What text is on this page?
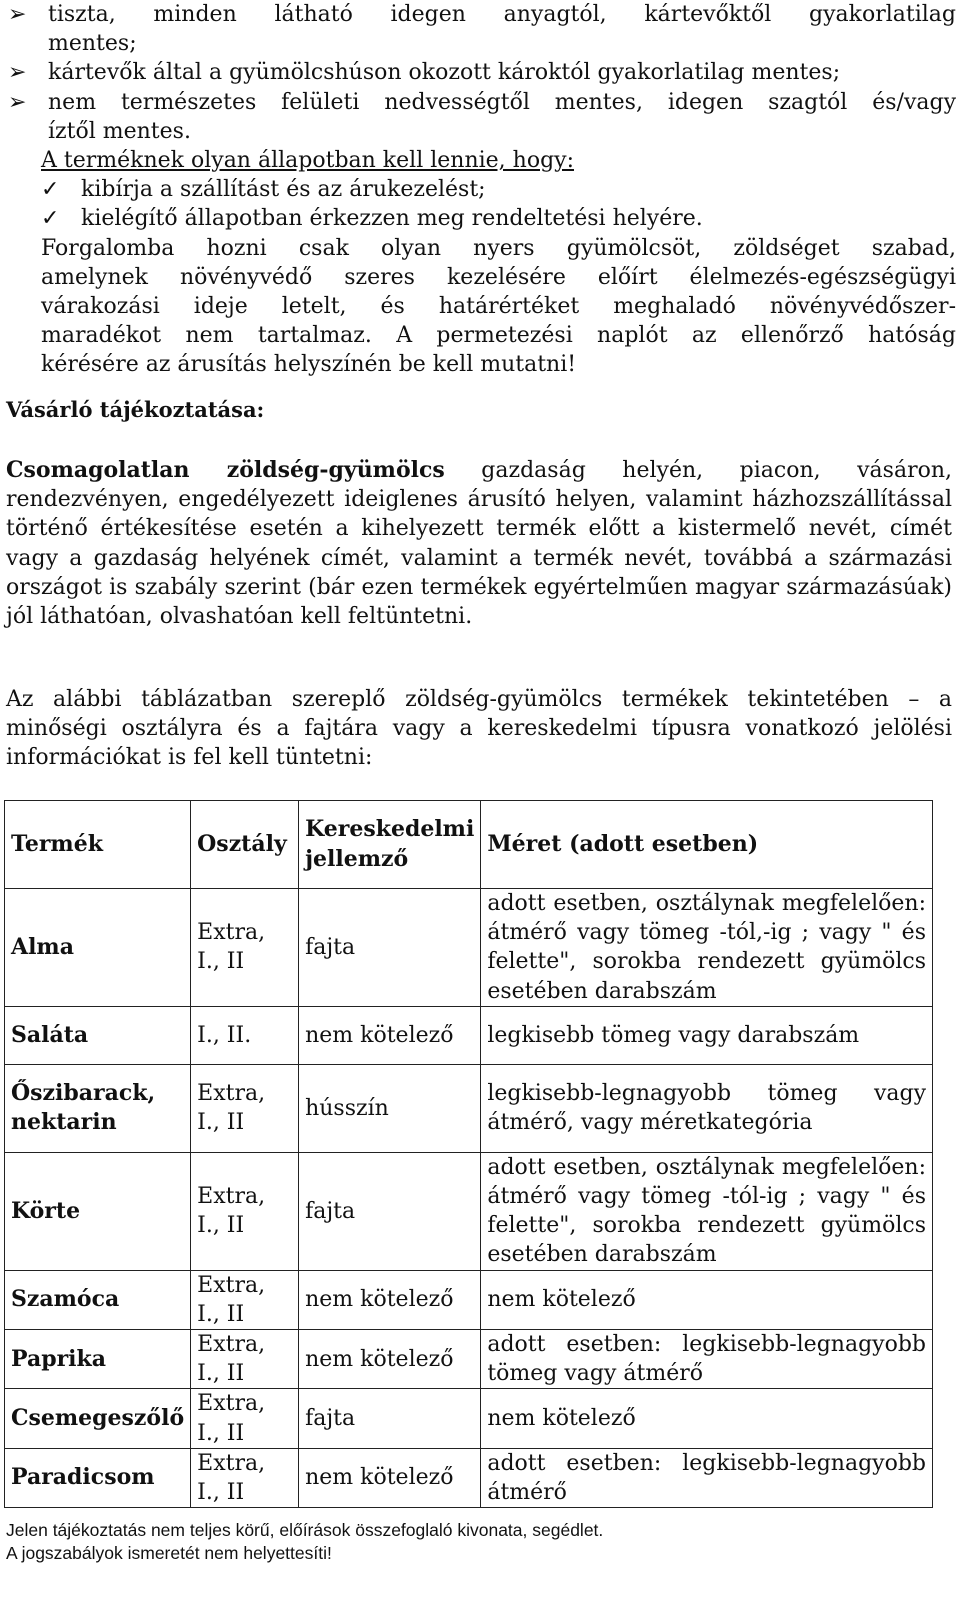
➢ tiszta, minden látható idegen anyagtól, kártevőktől gyakorlatilag
mentes;
➢ kártevők által a gyümölcshúson okozott károktól gyakorlatilag mentes;
➢ nem természetes felületi nedvességtől mentes, idegen szagtól és/vagy
íztől mentes.
A terméknek olyan állapotban kell lennie, hogy:
✓ kibírja a szállítást és az árukezelést;
✓ kielégítő állapotban érkezzen meg rendeltetési helyére.
Forgalomba hozni csak olyan nyers gyümölcsöt, zöldséget szabad,
amelynek növényvédő szeres kezelésére előírt élelmezés-egészségügyi
várakozási ideje letelt, és határértéket meghaladó növényvédőszer-
maradékot nem tartalmaz. A permetezési naplót az ellenőrző hatóság
kérésére az árusítás helyszínén be kell mutatni!
Vásárló tájékoztatása:
Csomagolatlan zöldség-gyümölcs gazdaság helyén, piacon, vásáron, rendezvényen, engedélyezett ideiglenes árusító helyen, valamint házhozszállítással történő értékesítése esetén a kihelyezett termék előtt a kistermelő nevét, címét vagy a gazdaság helyének címét, valamint a termék nevét, továbbá a származási országot is szabály szerint (bár ezen termékek egyértelműen magyar származásúak) jól láthatóan, olvashatóan kell feltüntetni.
Az alábbi táblázatban szereplő zöldség-gyümölcs termékek tekintetében – a minőségi osztályra és a fajtára vagy a kereskedelmi típusra vonatkozó jelölési információkat is fel kell tüntetni:
Termék	Osztály	Kereskedelmi jellemző	Méret (adott esetben)
Alma	Extra, I., II	fajta	adott esetben, osztálynak megfelelően: átmérő vagy tömeg -tól,-ig ; vagy " és felette", sorokba rendezett gyümölcs esetében darabszám
Saláta	I., II.	nem kötelező	legkisebb tömeg vagy darabszám
Őszibarack, nektarin	Extra, I., II	hússzín	legkisebb-legnagyobb tömeg vagy átmérő, vagy méretkategória
Körte	Extra, I., II	fajta	adott esetben, osztálynak megfelelően: átmérő vagy tömeg -tól-ig ; vagy " és felette", sorokba rendezett gyümölcs esetében darabszám
Szamóca	Extra, I., II	nem kötelező	nem kötelező
Paprika	Extra, I., II	nem kötelező	adott esetben: legkisebb-legnagyobb tömeg vagy átmérő
Csemegeszőlő	Extra, I., II	fajta	nem kötelező
Paradicsom	Extra, I., II	nem kötelező	adott esetben: legkisebb-legnagyobb átmérő
Jelen tájékoztatás nem teljes körű, előírások összefoglaló kivonata, segédlet.
A jogszabályok ismeretét nem helyettesíti!
